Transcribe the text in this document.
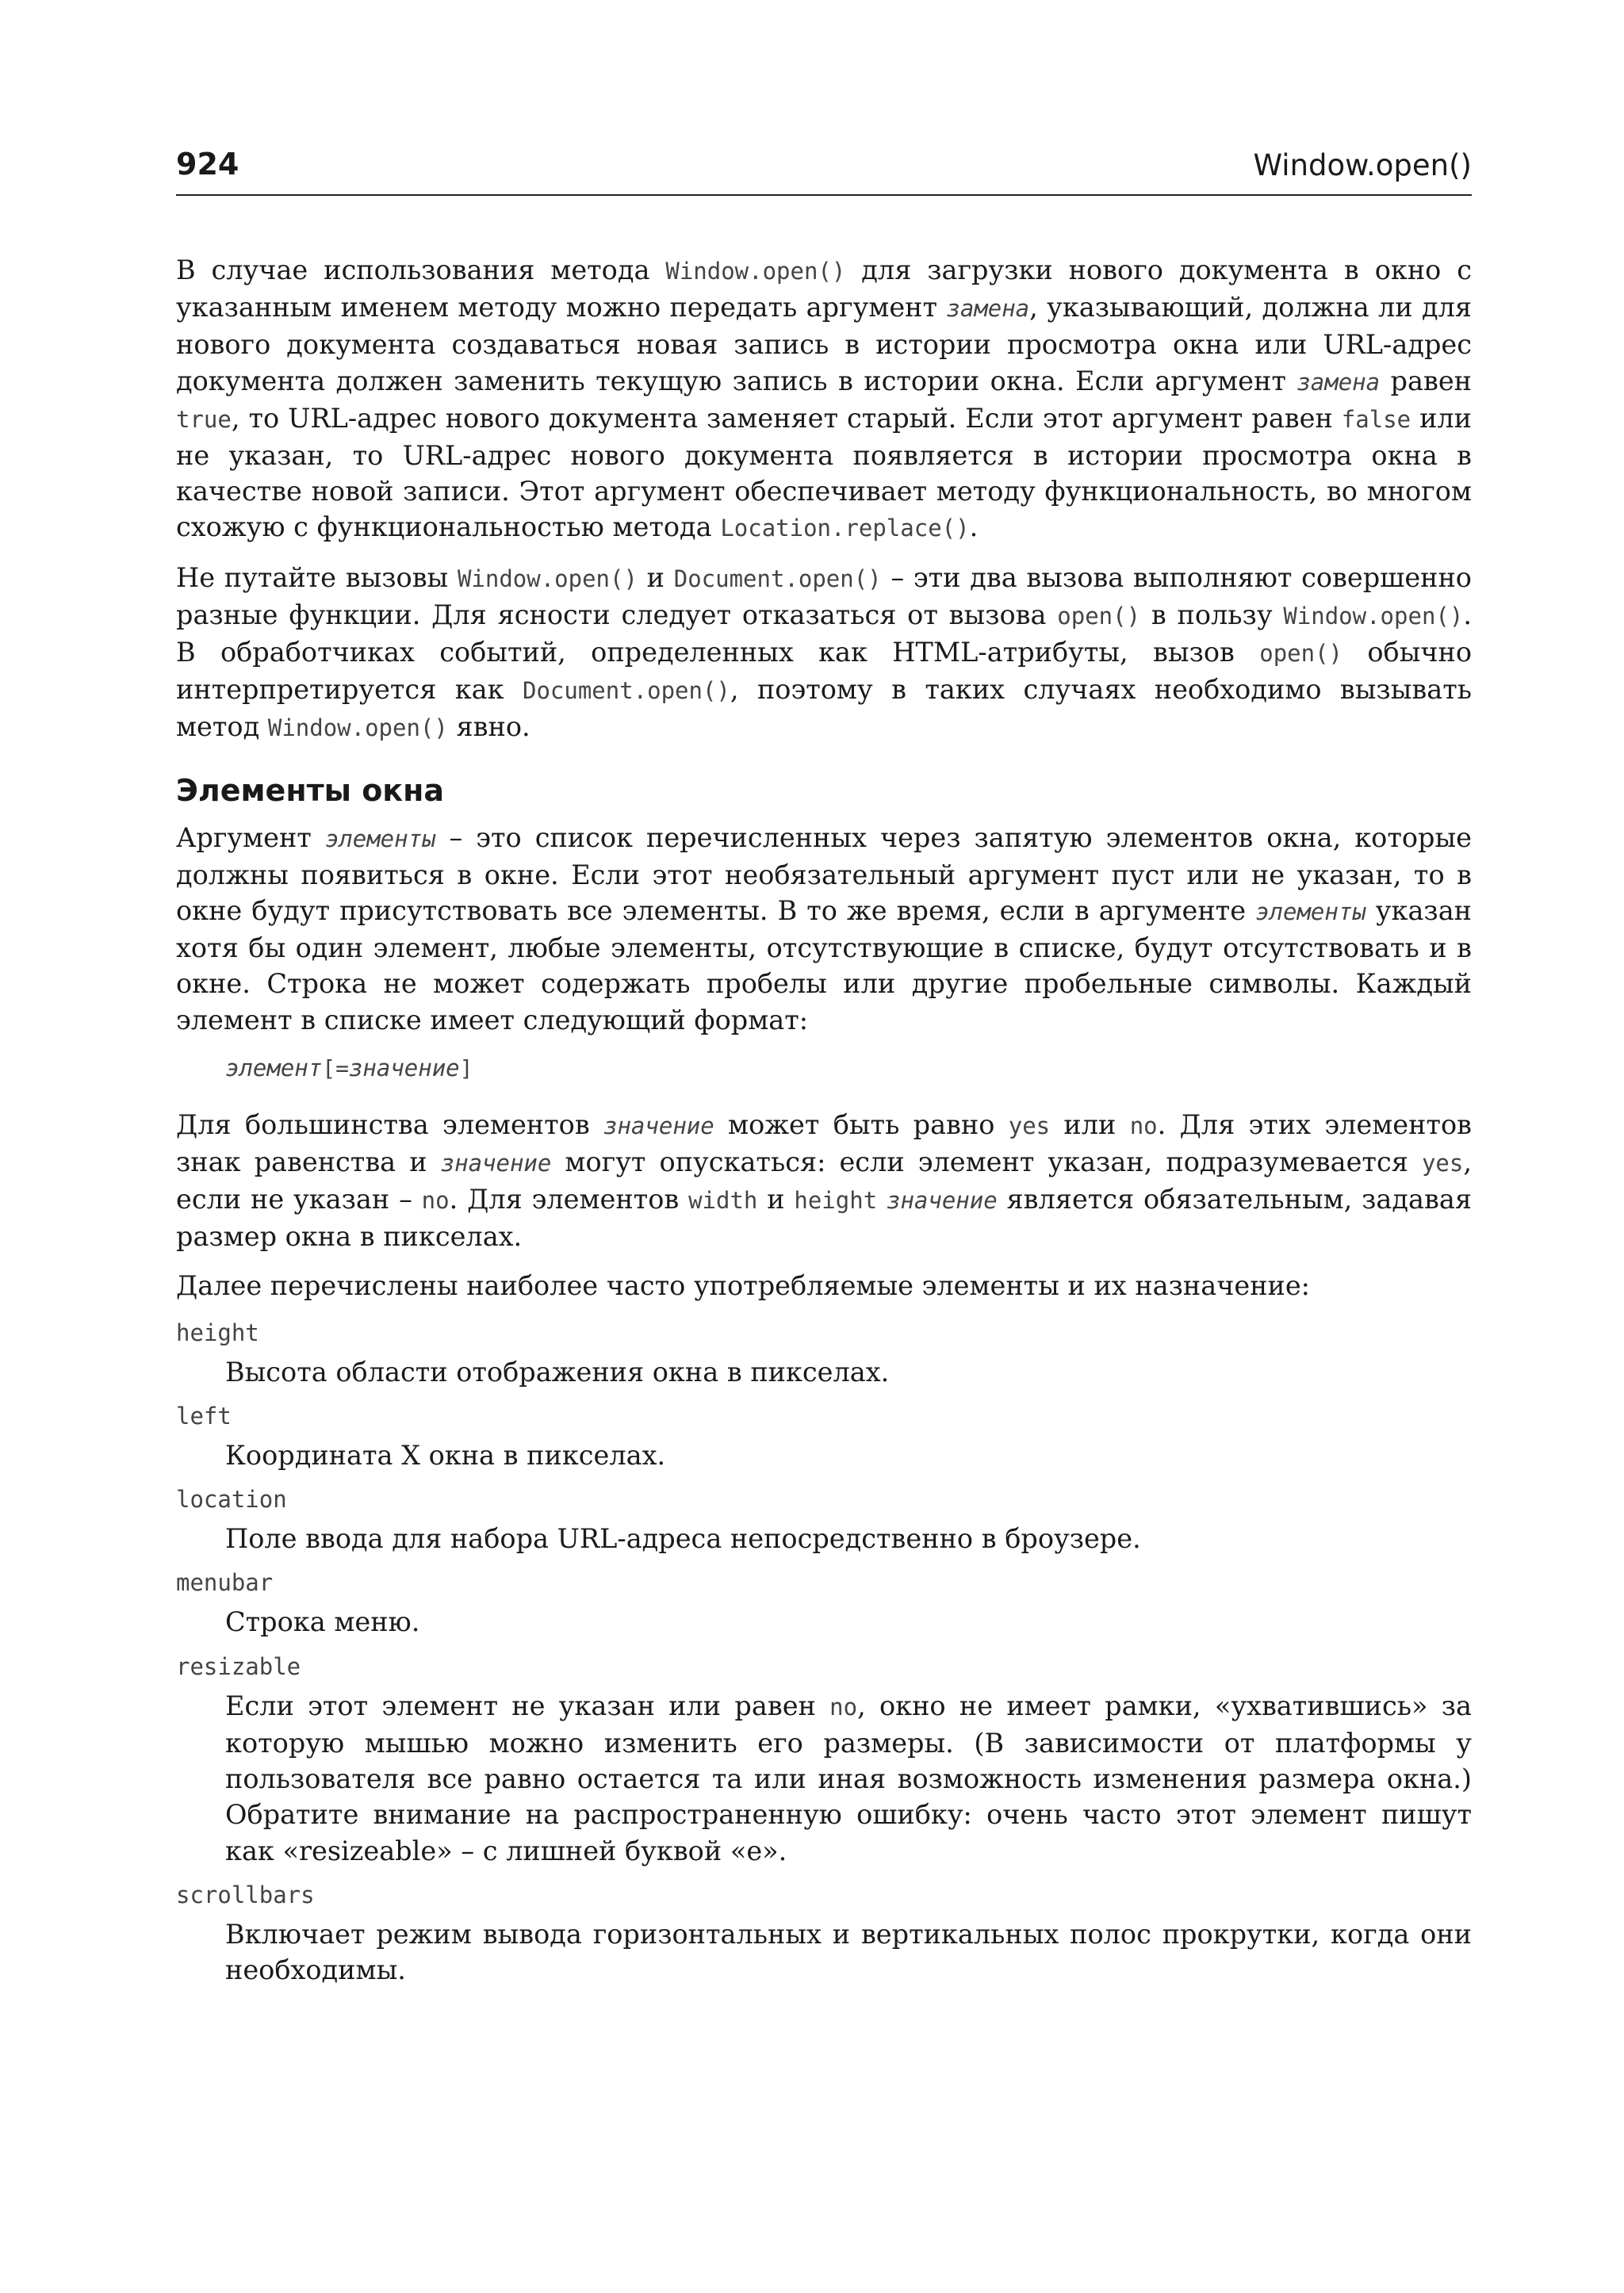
924	Window.open()

В случае использования метода Window.open() для загрузки нового документа в окно с указанным именем методу можно передать аргумент замена, указывающий, должна ли для нового документа создаваться новая запись в истории просмотра окна или URL-адрес документа должен заменить текущую запись в истории окна. Если аргумент замена равен true, то URL-адрес нового документа заменяет старый. Если этот аргумент равен false или не указан, то URL-адрес нового документа появляется в истории просмотра окна в качестве новой записи. Этот аргумент обеспечивает методу функциональность, во многом схожую с функциональностью метода Location.replace().

Не путайте вызовы Window.open() и Document.open() – эти два вызова выполняют совершенно разные функции. Для ясности следует отказаться от вызова open() в пользу Window.open(). В обработчиках событий, определенных как HTML-атрибуты, вызов open() обычно интерпретируется как Document.open(), поэтому в таких случаях необходимо вызывать метод Window.open() явно.

Элементы окна

Аргумент элементы – это список перечисленных через запятую элементов окна, которые должны появиться в окне. Если этот необязательный аргумент пуст или не указан, то в окне будут присутствовать все элементы. В то же время, если в аргументе элементы указан хотя бы один элемент, любые элементы, отсутствующие в списке, будут отсутствовать и в окне. Строка не может содержать пробелы или другие пробельные символы. Каждый элемент в списке имеет следующий формат:

элемент[=значение]

Для большинства элементов значение может быть равно yes или no. Для этих элементов знак равенства и значение могут опускаться: если элемент указан, подразумевается yes, если не указан – no. Для элементов width и height значение является обязательным, задавая размер окна в пикселах.

Далее перечислены наиболее часто употребляемые элементы и их назначение:

height
Высота области отображения окна в пикселах.
left
Координата X окна в пикселах.
location
Поле ввода для набора URL-адреса непосредственно в броузере.
menubar
Строка меню.
resizable
Если этот элемент не указан или равен no, окно не имеет рамки, «ухватившись» за которую мышью можно изменить его размеры. (В зависимости от платформы у пользователя все равно остается та или иная возможность изменения размера окна.) Обратите внимание на распространенную ошибку: очень часто этот элемент пишут как «resizeable» – с лишней буквой «e».
scrollbars
Включает режим вывода горизонтальных и вертикальных полос прокрутки, когда они необходимы.
